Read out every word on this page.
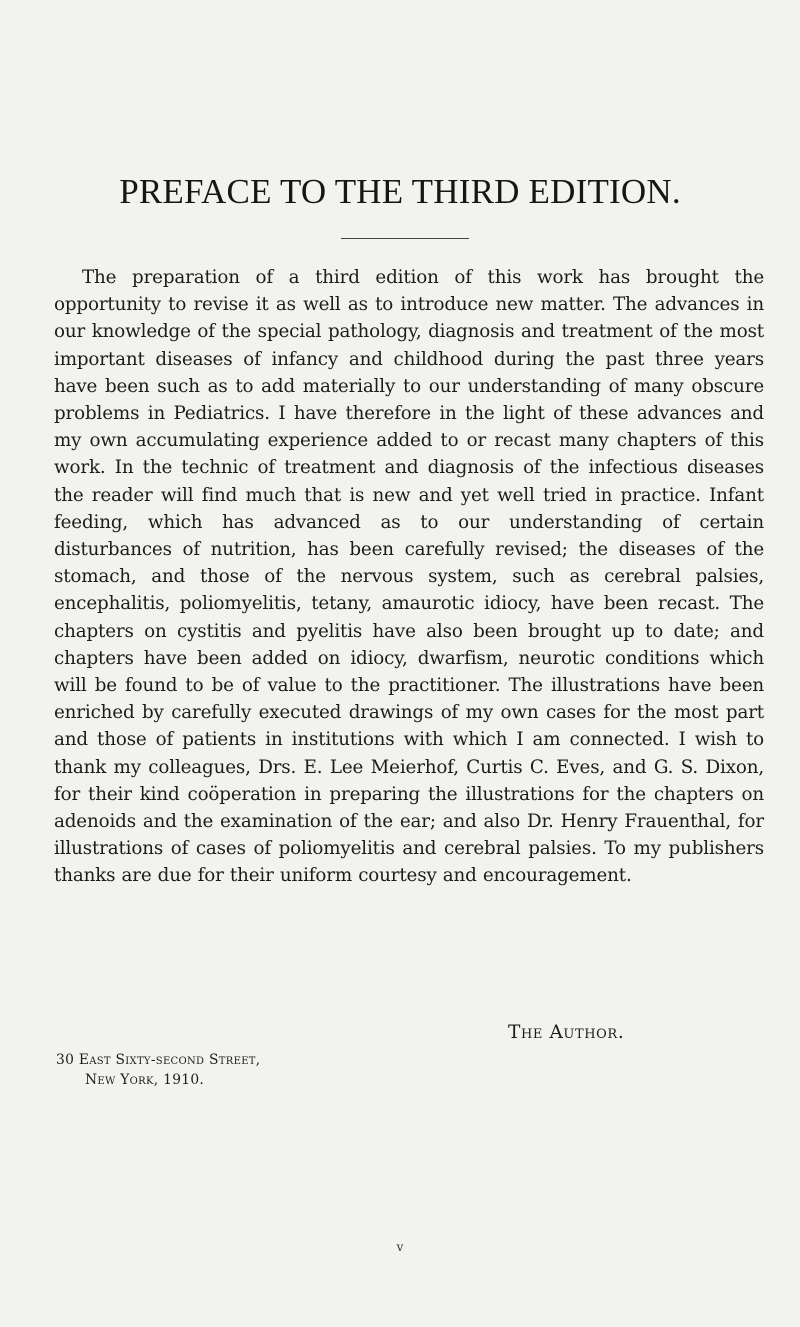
PREFACE TO THE THIRD EDITION.

The preparation of a third edition of this work has brought the opportunity to revise it as well as to introduce new matter. The advances in our knowledge of the special pathology, diagnosis and treatment of the most important diseases of infancy and childhood during the past three years have been such as to add materially to our understanding of many obscure problems in Pediatrics. I have therefore in the light of these advances and my own accumulating experience added to or recast many chapters of this work. In the technic of treatment and diagnosis of the infectious diseases the reader will find much that is new and yet well tried in practice. Infant feeding, which has advanced as to our understanding of certain disturbances of nutrition, has been carefully revised; the diseases of the stomach, and those of the nervous system, such as cerebral palsies, encephalitis, poliomyelitis, tetany, amaurotic idiocy, have been recast. The chapters on cystitis and pyelitis have also been brought up to date; and chapters have been added on idiocy, dwarfism, neurotic conditions which will be found to be of value to the practitioner. The illustrations have been enriched by carefully executed drawings of my own cases for the most part and those of patients in institutions with which I am connected. I wish to thank my colleagues, Drs. E. Lee Meierhof, Curtis C. Eves, and G. S. Dixon, for their kind coöperation in preparing the illustrations for the chapters on adenoids and the examination of the ear; and also Dr. Henry Frauenthal, for illustrations of cases of poliomyelitis and cerebral palsies. To my publishers thanks are due for their uniform courtesy and encouragement.

The Author.

30 East Sixty-second Street,
New York, 1910.
v
